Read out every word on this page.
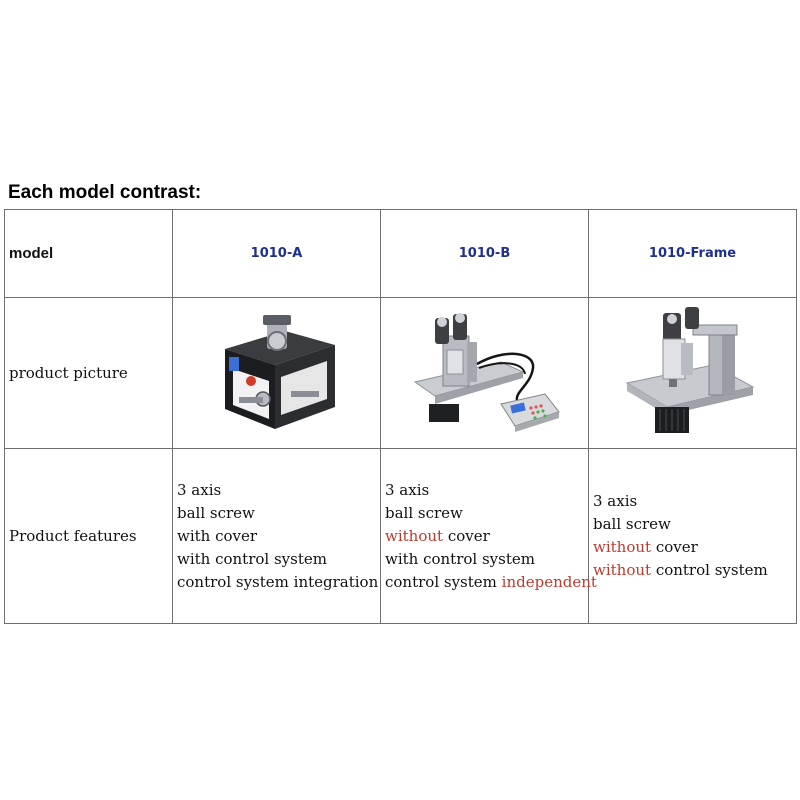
Each model contrast:
model	1010-A	1010-B	1010-Frame
product picture	

Product features	3 axis
ball screw
with cover
with control system
control system integration	3 axis
ball screw
without cover
with control system
control system independent	3 axis
ball screw
without cover
without control system
